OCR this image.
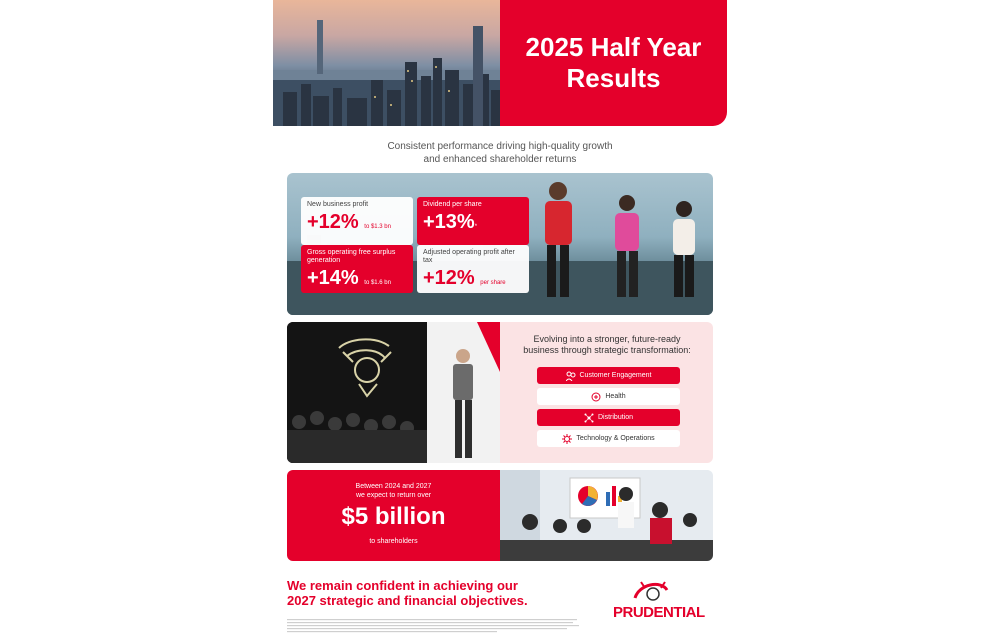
2025 Half Year
Results
Consistent performance driving high-quality growth
and enhanced shareholder returns
New business profit
+12% to $1.3 bn
Dividend per share
+13%*
Gross operating free surplus generation
+14% to $1.6 bn
Adjusted operating profit after tax
+12% per share
Evolving into a stronger, future-ready
business through strategic transformation:
Customer Engagement
Health
Distribution
Technology & Operations
Between 2024 and 2027
we expect to return over
$5 billion
to shareholders
We remain confident in achieving our
2027 strategic and financial objectives.
PRUDENTIAL
